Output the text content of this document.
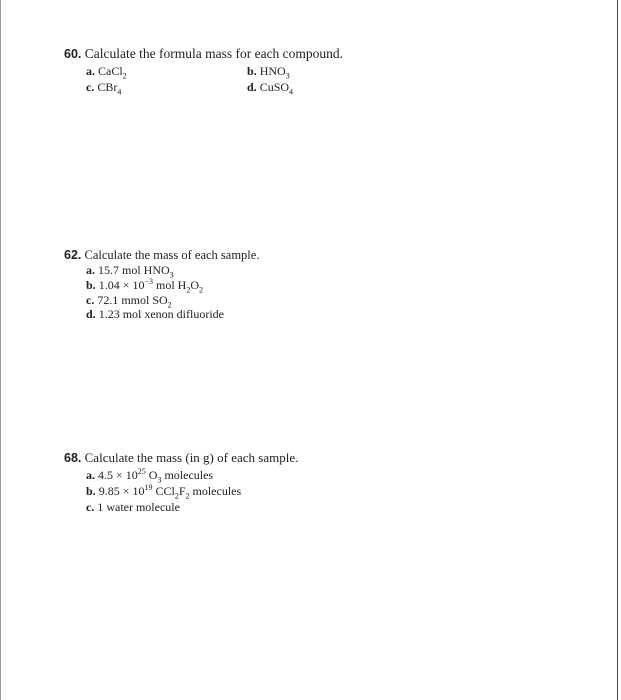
60. Calculate the formula mass for each compound.
a. CaCl$_2$	b. $HNO_3$
c. CBr$_4$	d. CuSO$_4$
62. Calculate the mass of each sample.
a. 15.7 mol $HNO_3$
b. $1.04 \times 10^{-3}$ mol $H_2O_2$
c. 72.1 mmol $SO_2$
d. 1.23 mol xenon difluoride
68. Calculate the mass (in g) of each sample.
a. $4.5 \times 10^{25}$ $O_3$ molecules
b. $9.85 \times 10^{19}$ $CCl_2F_2$ molecules
c. 1 water molecule
